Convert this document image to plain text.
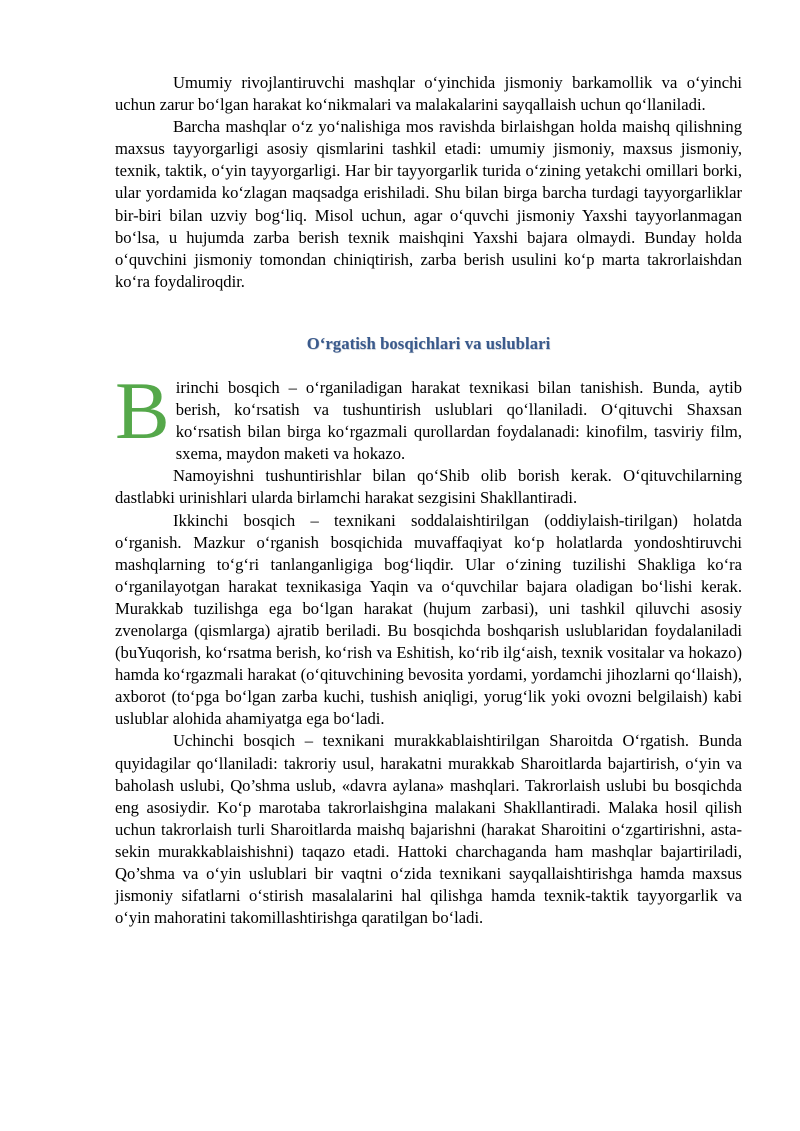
Umumiy rivojlantiruvchi mashqlar o‘yinchida jismoniy barkamollik va o‘yinchi uchun zarur bo‘lgan harakat ko‘nikmalari va malakalarini sayqallaish uchun qo‘llaniladi.

Barcha mashqlar o‘z yo‘nalishiga mos ravishda birlaishgan holda maishq qilishning maxsus tayyorgarligi asosiy qismlarini tashkil etadi: umumiy jismoniy, maxsus jismoniy, texnik, taktik, o‘yin tayyorgarligi. Har bir tayyorgarlik turida o‘zining yetakchi omillari borki, ular yordamida ko‘zlagan maqsadga erishiladi. Shu bilan birga barcha turdagi tayyorgarliklar bir-biri bilan uzviy bog‘liq. Misol uchun, agar o‘quvchi jismoniy Yaxshi tayyorlanmagan bo‘lsa, u hujumda zarba berish texnik maishqini Yaxshi bajara olmaydi. Bunday holda o‘quvchini jismoniy tomondan chiniqtirish, zarba berish usulini ko‘p marta takrorlaishdan ko‘ra foydaliroqdir.

O‘rgatish bosqichlari va uslublari

Birinchi bosqich – o‘rganiladigan harakat texnikasi bilan tanishish. Bunda, aytib berish, ko‘rsatish va tushuntirish uslublari qo‘llaniladi. O‘qituvchi Shaxsan ko‘rsatish bilan birga ko‘rgazmali qurollardan foydalanadi: kinofilm, tasviriy film, sxema, maydon maketi va hokazo.

Namoyishni tushuntirishlar bilan qo‘Shib olib borish kerak. O‘qituvchilarning dastlabki urinishlari ularda birlamchi harakat sezgisini Shakllantiradi.

Ikkinchi bosqich – texnikani soddalaishtirilgan (oddiylaish-tirilgan) holatda o‘rganish. Mazkur o‘rganish bosqichida muvaffaqiyat ko‘p holatlarda yondoshtiruvchi mashqlarning to‘g‘ri tanlanganligiga bog‘liqdir. Ular o‘zining tuzilishi Shakliga ko‘ra o‘rganilayotgan harakat texnikasiga Yaqin va o‘quvchilar bajara oladigan bo‘lishi kerak. Murakkab tuzilishga ega bo‘lgan harakat (hujum zarbasi), uni tashkil qiluvchi asosiy zvenolarga (qismlarga) ajratib beriladi. Bu bosqichda boshqarish uslublaridan foydalaniladi (buYuqorish, ko‘rsatma berish, ko‘rish va Eshitish, ko‘rib ilg‘aish, texnik vositalar va hokazo) hamda ko‘rgazmali harakat (o‘qituvchining bevosita yordami, yordamchi jihozlarni qo‘llaish), axborot (to‘pga bo‘lgan zarba kuchi, tushish aniqligi, yorug‘lik yoki ovozni belgilaish) kabi uslublar alohida ahamiyatga ega bo‘ladi.

Uchinchi bosqich – texnikani murakkablaishtirilgan Sharoitda O‘rgatish. Bunda quyidagilar qo‘llaniladi: takroriy usul, harakatni murakkab Sharoitlarda bajartirish, o‘yin va baholash uslubi, Qo’shma uslub, «davra aylana» mashqlari. Takrorlaish uslubi bu bosqichda eng asosiydir. Ko‘p marotaba takrorlaishgina malakani Shakllantiradi. Malaka hosil qilish uchun takrorlaish turli Sharoitlarda maishq bajarishni (harakat Sharoitini o‘zgartirishni, asta-sekin murakkablaishishni) taqazo etadi. Hattoki charchaganda ham mashqlar bajartiriladi, Qo’shma va o‘yin uslublari bir vaqtni o‘zida texnikani sayqallaishtirishga hamda maxsus jismoniy sifatlarni o‘stirish masalalarini hal qilishga hamda texnik-taktik tayyorgarlik va o‘yin mahoratini takomillashtirishga qaratilgan bo‘ladi.
